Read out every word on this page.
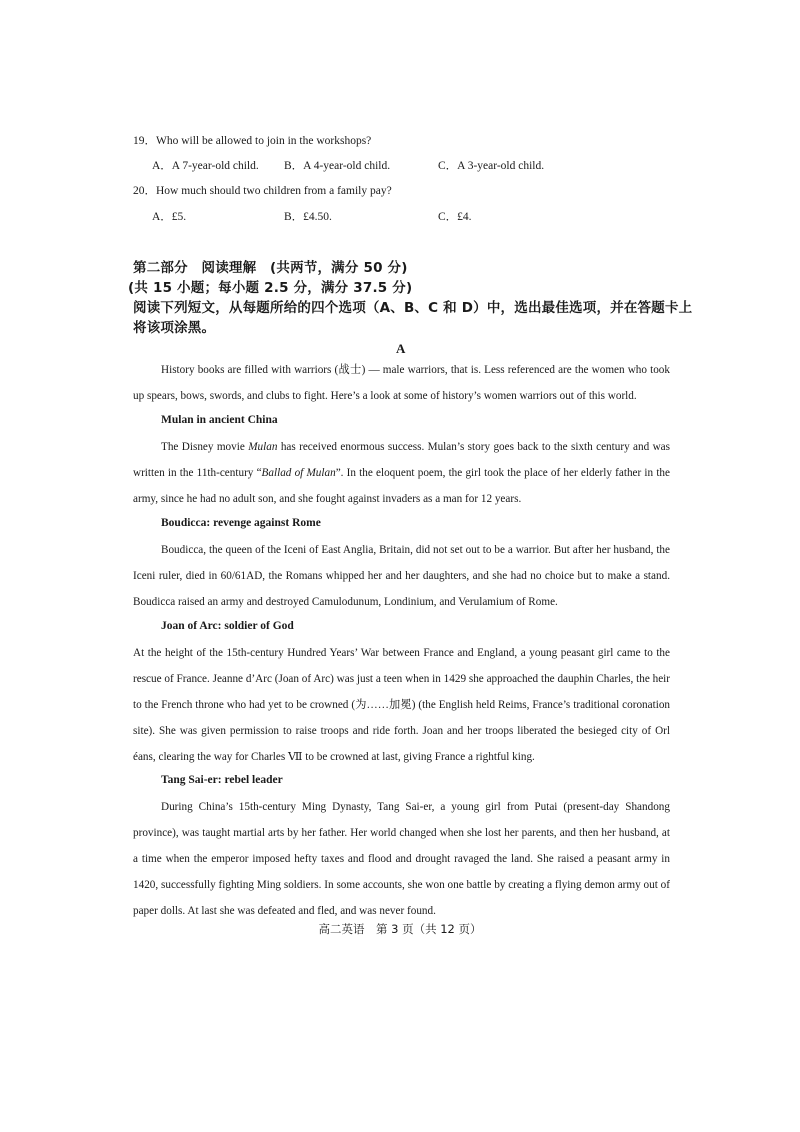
19．Who will be allowed to join in the workshops?
A．A 7-year-old child. B．A 4-year-old child.	C．A 3-year-old child.
20．How much should two children from a family pay?
A．£5.	B．£4.50.	C．£4.
第二部分　阅读理解　(共两节，满分 50 分)
(共 15 小题；每小题 2.5 分，满分 37.5 分)
阅读下列短文，从每题所给的四个选项（A、B、C 和 D）中，选出最佳选项，并在答题卡上
将该项涂黑。
A
History books are filled with warriors (战士) — male warriors, that is. Less referenced are the women who took up spears, bows, swords, and clubs to fight. Here’s a look at some of history’s women warriors out of this world.
Mulan in ancient China
The Disney movie Mulan has received enormous success. Mulan’s story goes back to the sixth century and was written in the 11th-century “Ballad of Mulan”. In the eloquent poem, the girl took the place of her elderly father in the army, since he had no adult son, and she fought against invaders as a man for 12 years.
Boudicca: revenge against Rome
Boudicca, the queen of the Iceni of East Anglia, Britain, did not set out to be a warrior. But after her husband, the Iceni ruler, died in 60/61AD, the Romans whipped her and her daughters, and she had no choice but to make a stand. Boudicca raised an army and destroyed Camulodunum, Londinium, and Verulamium of Rome.
Joan of Arc: soldier of God
At the height of the 15th-century Hundred Years’ War between France and England, a young peasant girl came to the rescue of France. Jeanne d’Arc (Joan of Arc) was just a teen when in 1429 she approached the dauphin Charles, the heir to the French throne who had yet to be crowned (为……加冕) (the English held Reims, France’s traditional coronation site). She was given permission to raise troops and ride forth. Joan and her troops liberated the besieged city of Orl éans, clearing the way for Charles Ⅶ to be crowned at last, giving France a rightful king.
Tang Sai-er: rebel leader
During China’s 15th-century Ming Dynasty, Tang Sai-er, a young girl from Putai (present-day Shandong province), was taught martial arts by her father. Her world changed when she lost her parents, and then her husband, at a time when the emperor imposed hefty taxes and flood and drought ravaged the land. She raised a peasant army in 1420, successfully fighting Ming soldiers. In some accounts, she won one battle by creating a flying demon army out of paper dolls. At last she was defeated and fled, and was never found.
高二英语　第 3 页（共 12 页）
